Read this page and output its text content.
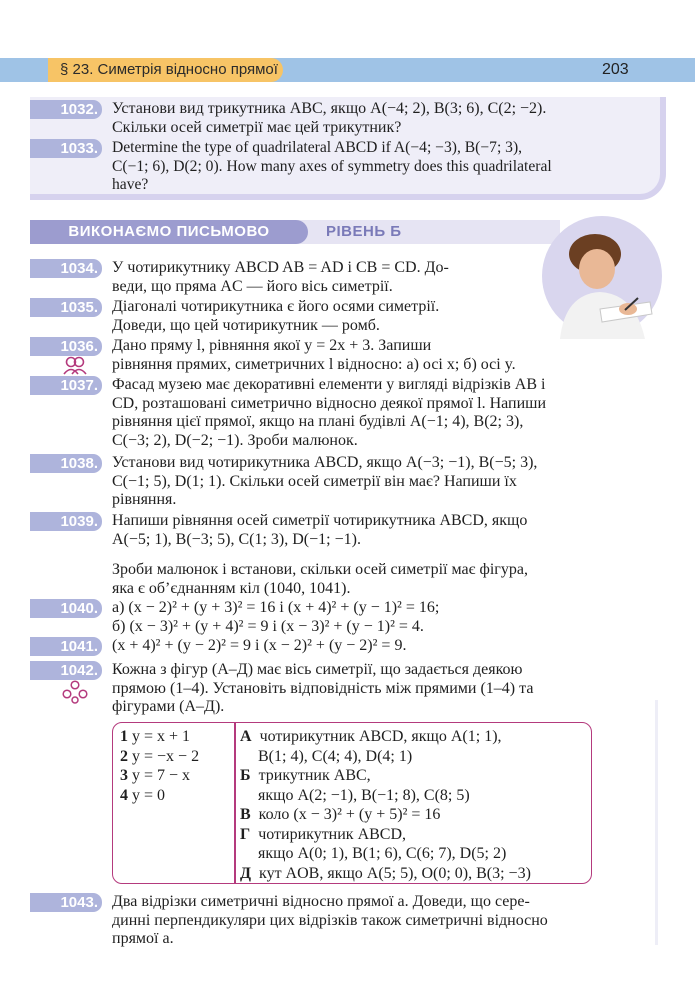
§ 23. Симетрія відносно прямої	203
1032. Установи вид трикутника ABC, якщо A(−4; 2), B(3; 6), C(2; −2).
Скільки осей симетрії має цей трикутник?
1033. Determine the type of quadrilateral ABCD if A(−4; −3), B(−7; 3),
C(−1; 6), D(2; 0). How many axes of symmetry does this quadrilateral
have?
ВИКОНАЄМО ПИСЬМОВО	РІВЕНЬ Б
1034. У чотирикутнику ABCD AB = AD і CB = CD. До-
веди, що пряма AC — його вісь симетрії.
1035. Діагоналі чотирикутника є його осями симетрії.
Доведи, що цей чотирикутник — ромб.
1036. Дано пряму l, рівняння якої y = 2x + 3. Запиши
рівняння прямих, симетричних l відносно: а) осі x; б) осі y.
1037. Фасад музею має декоративні елементи у вигляді відрізків AB і
CD, розташовані симетрично відносно деякої прямої l. Напиши
рівняння цієї прямої, якщо на плані будівлі A(−1; 4), B(2; 3),
C(−3; 2), D(−2; −1). Зроби малюнок.
1038. Установи вид чотирикутника ABCD, якщо A(−3; −1), B(−5; 3),
C(−1; 5), D(1; 1). Скільки осей симетрії він має? Напиши їх
рівняння.
1039. Напиши рівняння осей симетрії чотирикутника ABCD, якщо
A(−5; 1), B(−3; 5), C(1; 3), D(−1; −1).
Зроби малюнок і встанови, скільки осей симетрії має фігура,
яка є об’єднанням кіл (1040, 1041).
1040. а) (x − 2)² + (y + 3)² = 16 і (x + 4)² + (y − 1)² = 16;
б) (x − 3)² + (y + 4)² = 9 і (x − 3)² + (y − 1)² = 4.
1041. (x + 4)² + (y − 2)² = 9 і (x − 2)² + (y − 2)² = 9.
1042. Кожна з фігур (А–Д) має вісь симетрії, що задається деякою
прямою (1–4). Установіть відповідність між прямими (1–4) та
фігурами (А–Д).
1 y = x + 1
2 y = −x − 2
3 y = 7 − x
4 y = 0
А чотирикутник ABCD, якщо A(1; 1),
B(1; 4), C(4; 4), D(4; 1)
Б трикутник ABC,
якщо A(2; −1), B(−1; 8), C(8; 5)
В коло (x − 3)² + (y + 5)² = 16
Г чотирикутник ABCD,
якщо A(0; 1), B(1; 6), C(6; 7), D(5; 2)
Д кут AOB, якщо A(5; 5), O(0; 0), B(3; −3)
1043. Два відрізки симетричні відносно прямої a. Доведи, що сере-
динні перпендикуляри цих відрізків також симетричні відносно
прямої a.
